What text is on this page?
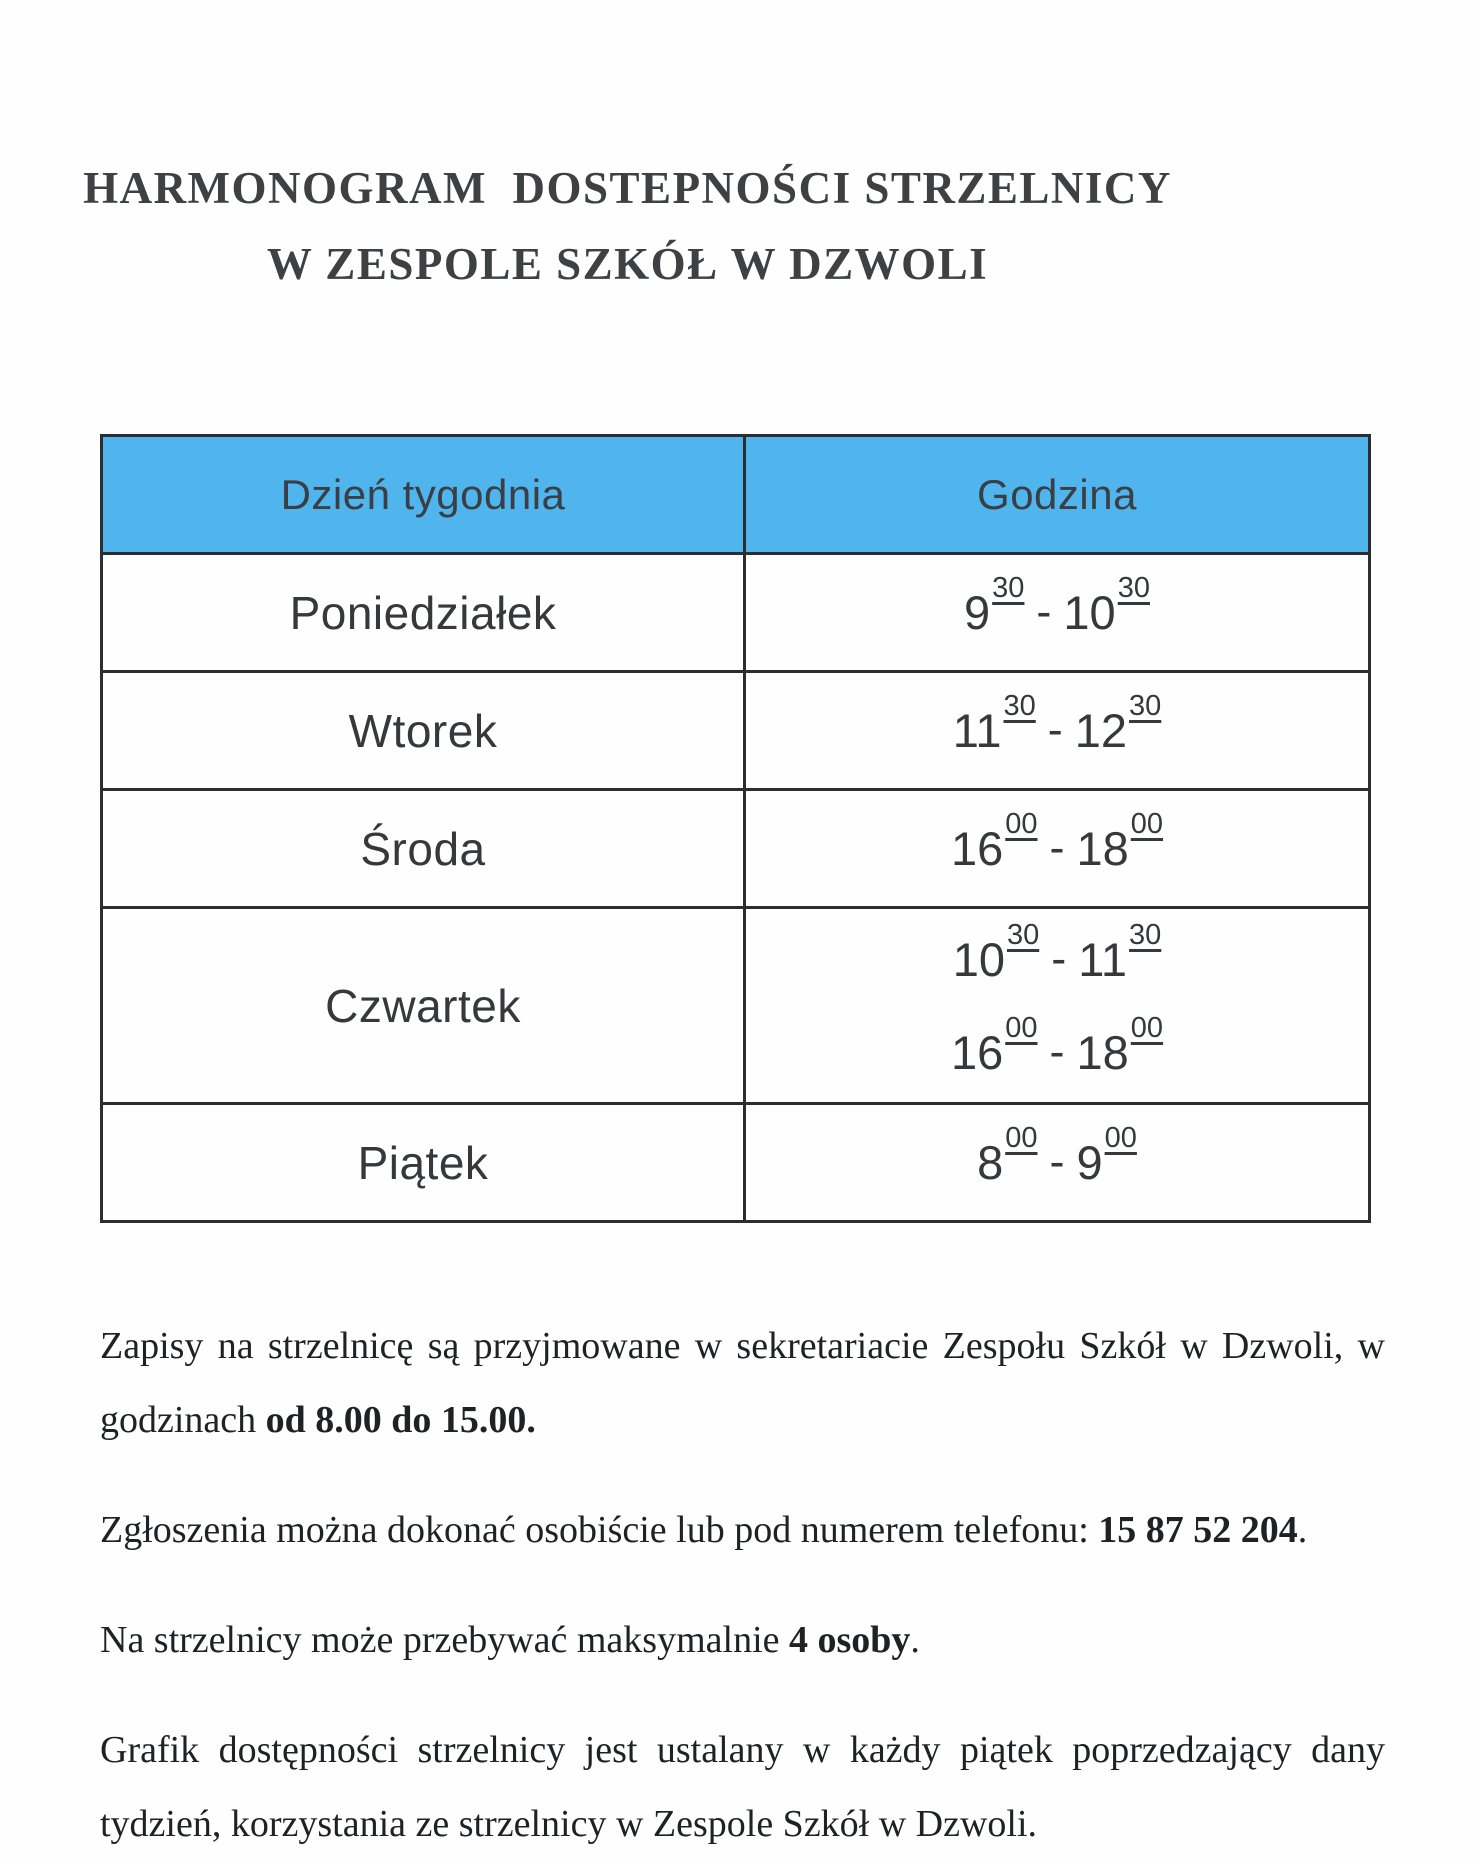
HARMONOGRAM  DOSTEPNOŚCI STRZELNICY
W ZESPOLE SZKÓŁ W DZWOLI
Dzień tygodnia	Godzina
Poniedziałek	$9^{30} - 10^{30}$

Wtorek	$11^{30} - 12^{30}$

Środa	$16^{00} - 18^{00}$

Czwartek	$10^{30} - 11^{30}$
$16^{00} - 18^{00}$

Piątek	$8^{00} - 9^{00}$

Zapisy na strzelnicę są przyjmowane w sekretariacie Zespołu Szkół w Dzwoli, w godzinach od 8.00 do 15.00.

Zgłoszenia można dokonać osobiście lub pod numerem telefonu: 15 87 52 204.

Na strzelnicy może przebywać maksymalnie 4 osoby.

Grafik dostępności strzelnicy jest ustalany w każdy piątek poprzedzający dany tydzień, korzystania ze strzelnicy w Zespole Szkół w Dzwoli.
